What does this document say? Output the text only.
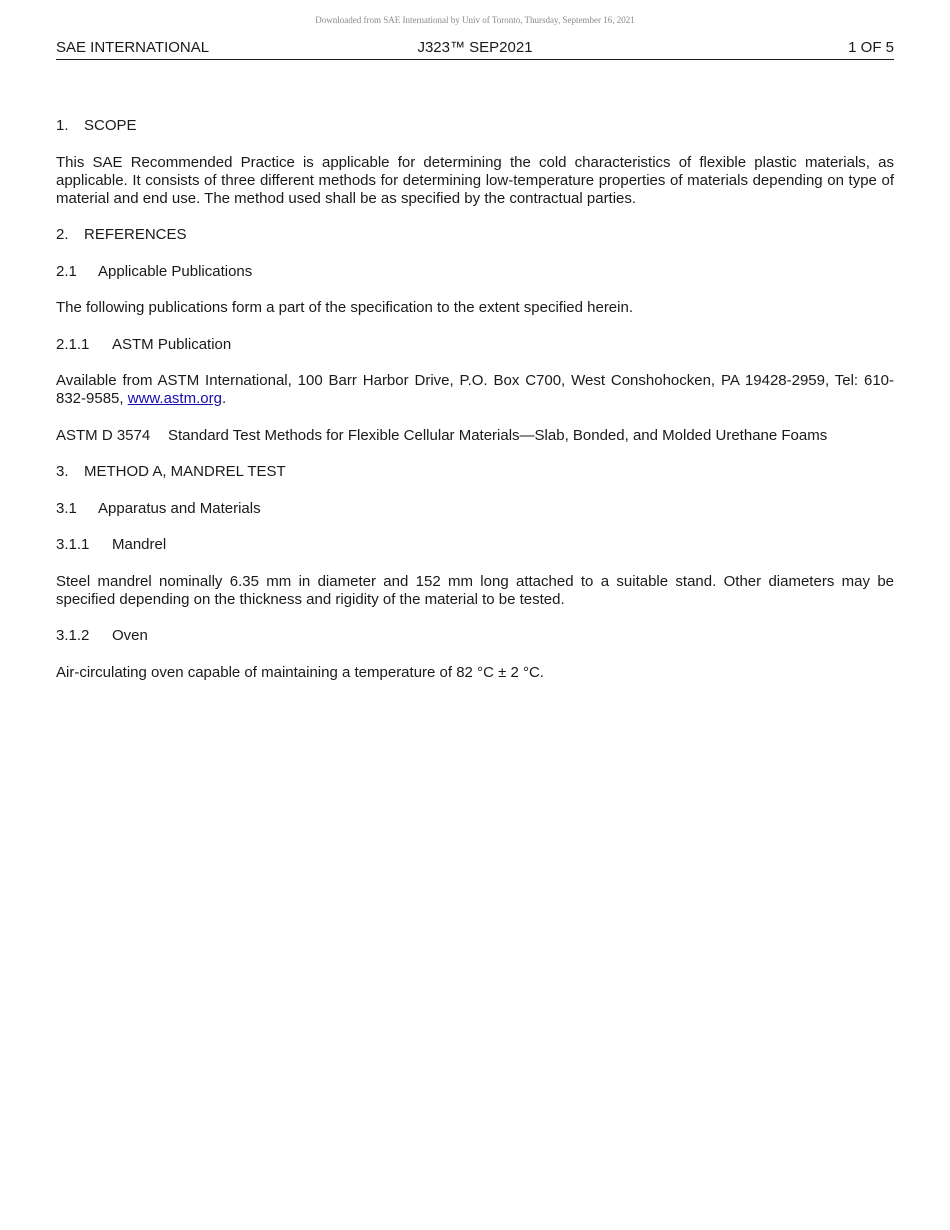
Downloaded from SAE International by Univ of Toronto, Thursday, September 16, 2021
J323™ SEP2021
SAE INTERNATIONAL	1 OF 5

1. SCOPE

This SAE Recommended Practice is applicable for determining the cold characteristics of flexible plastic materials, as applicable. It consists of three different methods for determining low-temperature properties of materials depending on type of material and end use. The method used shall be as specified by the contractual parties.

2. REFERENCES

2.1 Applicable Publications

The following publications form a part of the specification to the extent specified herein.

2.1.1 ASTM Publication

Available from ASTM International, 100 Barr Harbor Drive, P.O. Box C700, West Conshohocken, PA 19428-2959, Tel: 610-832-9585, www.astm.org.

ASTM D 3574 Standard Test Methods for Flexible Cellular Materials—Slab, Bonded, and Molded Urethane Foams

3. METHOD A, MANDREL TEST

3.1 Apparatus and Materials

3.1.1 Mandrel

Steel mandrel nominally 6.35 mm in diameter and 152 mm long attached to a suitable stand. Other diameters may be specified depending on the thickness and rigidity of the material to be tested.

3.1.2 Oven

Air-circulating oven capable of maintaining a temperature of 82 °C ± 2 °C.
